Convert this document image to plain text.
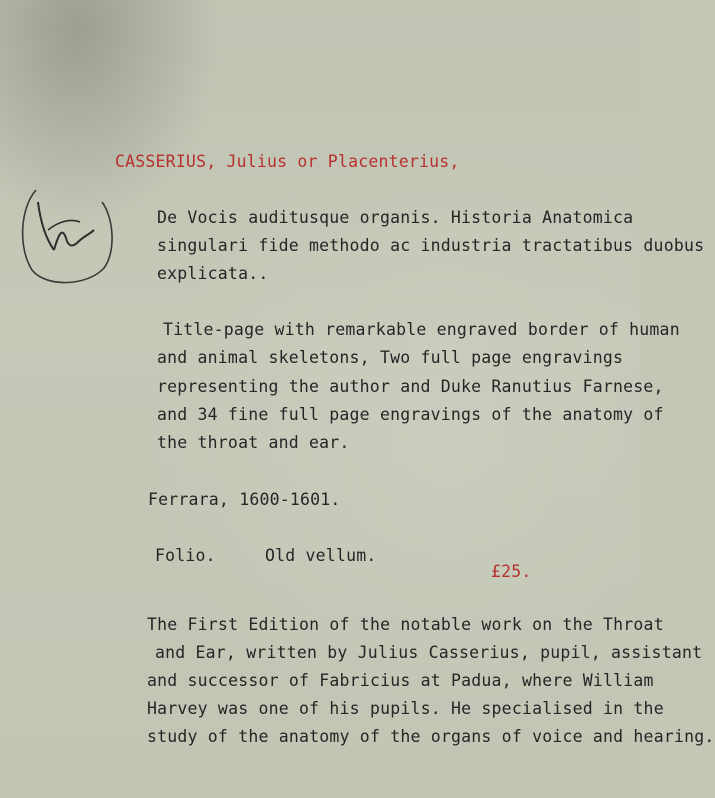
CASSERIUS, Julius or Placenterius,
De Vocis auditusque organis. Historia Anatomica
singulari fide methodo ac industria tractatibus duobus
explicata..
Title-page with remarkable engraved border of human
and animal skeletons, Two full page engravings
representing the author and Duke Ranutius Farnese,
and 34 fine full page engravings of the anatomy of
the throat and ear.
Ferrara, 1600-1601.
Folio.	Old vellum.
£25.
The First Edition of the notable work on the Throat
and Ear, written by Julius Casserius, pupil, assistant
and successor of Fabricius at Padua, where William
Harvey was one of his pupils. He specialised in the
study of the anatomy of the organs of voice and hearing.
